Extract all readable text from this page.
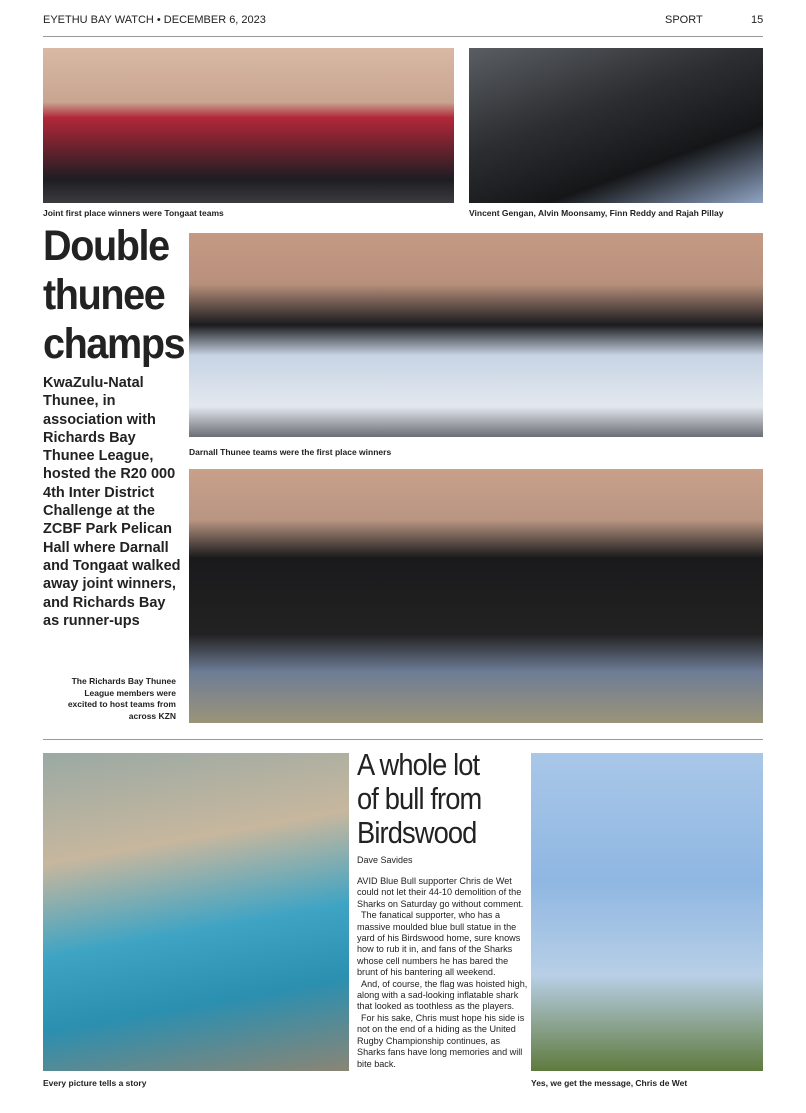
EYETHU BAY WATCH • DECEMBER 6, 2023	SPORT	15
Joint first place winners were Tongaat teams	Vincent Gengan, Alvin Moonsamy, Finn Reddy and Rajah Pillay
Double thunee champs
KwaZulu-Natal Thunee, in association with Richards Bay Thunee League, hosted the R20 000 4th Inter District Challenge at the ZCBF Park Pelican Hall where Darnall and Tongaat walked away joint winners, and Richards Bay as runner-ups
The Richards Bay Thunee League members were excited to host teams from across KZN
Darnall Thunee teams were the first place winners
Every picture tells a story
A whole lot of bull from Birdswood
Dave Savides

AVID Blue Bull supporter Chris de Wet could not let their 44-10 demolition of the Sharks on Saturday go without comment.

The fanatical supporter, who has a massive moulded blue bull statue in the yard of his Birdswood home, sure knows how to rub it in, and fans of the Sharks whose cell numbers he has bared the brunt of his bantering all weekend.

And, of course, the flag was hoisted high, along with a sad-looking inflatable shark that looked as toothless as the players.

For his sake, Chris must hope his side is not on the end of a hiding as the United Rugby Championship continues, as Sharks fans have long memories and will bite back.

Yes, we get the message, Chris de Wet
